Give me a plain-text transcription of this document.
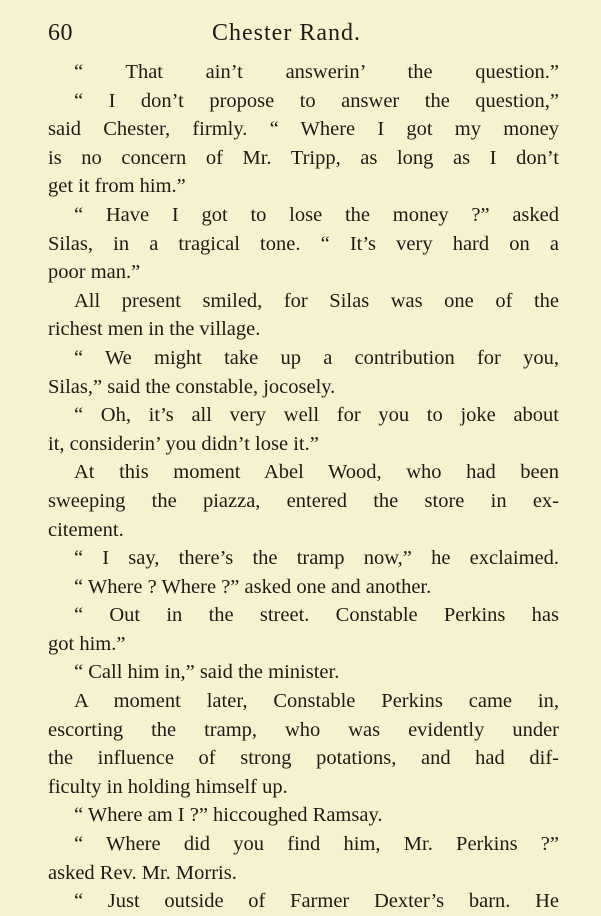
60	Chester Rand.
“ That ain’t answerin’ the question.”
“ I don’t propose to answer the question,”
said Chester, firmly. “ Where I got my money
is no concern of Mr. Tripp, as long as I don’t
get it from him.”
“ Have I got to lose the money ?” asked
Silas, in a tragical tone. “ It’s very hard on a
poor man.”
All present smiled, for Silas was one of the
richest men in the village.
“ We might take up a contribution for you,
Silas,” said the constable, jocosely.
“ Oh, it’s all very well for you to joke about
it, considerin’ you didn’t lose it.”
At this moment Abel Wood, who had been
sweeping the piazza, entered the store in ex-
citement.
“ I say, there’s the tramp now,” he exclaimed.
“ Where ? Where ?” asked one and another.
“ Out in the street. Constable Perkins has
got him.”
“ Call him in,” said the minister.
A moment later, Constable Perkins came in,
escorting the tramp, who was evidently under
the influence of strong potations, and had dif-
ficulty in holding himself up.
“ Where am I ?” hiccoughed Ramsay.
“ Where did you find him, Mr. Perkins ?”
asked Rev. Mr. Morris.
“ Just outside of Farmer Dexter’s barn. He
